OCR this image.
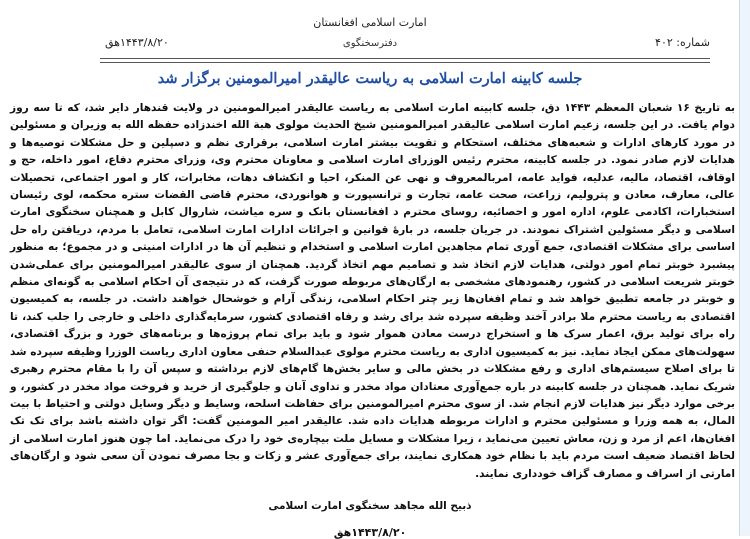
امارت اسلامی افغانستان
دفترسخنگوی	شماره: ۴۰۲
۱۴۴۳/۸/۲۰هق
جلسه کابینه امارت اسلامی به ریاست عالیقدر امیرالمومنین برگزار شد
به تاریخ ۱۶ شعبان المعظم ۱۴۴۳ دق، جلسه کابینه امارت اسلامی به ریاست عالیقدر امیرالمومنین در ولایت قندهار دایر شد، که تا سه روز دوام یافت. در این جلسه، زعیم امارت اسلامی عالیقدر امیرالمومنین شیخ الحدیث مولوی هبة الله اخندزاده حفظه الله به وزیران و مسئولین در مورد کارهای ادارات و شعبه‌های مختلف، استحکام و تقویت بیشتر امارت اسلامی، برقراری نظم و دسپلین و حل مشکلات توصیه‌ها و هدایات لازم صادر نمود. در جلسه کابینه، محترم رئیس الوزرای امارت اسلامی و معاونان محترم وی، وزرای محترم دفاع، امور داخله، حج و اوقاف، اقتصاد، مالیه، عدلیه، فواید عامه، امربالمعروف و نهی عن المنکر، احیا و انکشاف دهات، مخابرات، کار و امور اجتماعی، تحصیلات عالی، معارف، معادن و پترولیم، زراعت، صحت عامه، تجارت و ترانسپورت و هوانوردی، محترم قاضی القضات ستره محکمه، لوی رئیسان استخبارات، اکادمی علوم، اداره امور و احصائیه، روسای محترم د افغانستان بانک و سره میاشت، شاروال کابل و همچنان سخنگوی امارت اسلامی و دیگر مسئولین اشتراک نمودند. در جریان جلسه، در بارهٔ قوانین و اجرائات ادارات امارت اسلامی، تعامل با مردم، دریافتن راه حل اساسی برای مشکلات اقتصادی، جمع آوری تمام مجاهدین امارت اسلامی و استخدام و تنظیم آن ها در ادارات امنیتی و در مجموع؛ به منظور پیشبرد خوبتر تمام امور دولتی، هدایات لازم اتخاذ شد و تصامیم مهم اتخاذ گردید. همچنان از سوی عالیقدر امیرالمومنین برای عملی‌شدن خوبتر شریعت اسلامی در کشور، رهنمودهای مشخصی به ارگان‌های مربوطه صورت گرفت، که در نتیجه‌ی آن احکام اسلامی به گونه‌ای منظم و خوبتر در جامعه تطبیق خواهد شد و تمام افغان‌ها زیر چتر احکام اسلامی، زندگی آرام و خوشحال خواهند داشت. در جلسه، به کمیسیون اقتصادی به ریاست محترم ملا برادر آخند وظیفه سپرده شد برای رشد و رفاه اقتصادی کشور، سرمایه‌گذاری داخلی و خارجی را جلب کند، تا راه برای تولید برق، اعمار سرک ها و استخراج درست معادن هموار شود و باید برای تمام پروژه‌ها و برنامه‌های خورد و بزرگ اقتصادی، سهولت‌های ممکن ایجاد نماید. نیز به کمیسیون اداری به ریاست محترم مولوی عبدالسلام حنفی معاون اداری ریاست الوزرا وظیفه سپرده شد تا برای اصلاح سیستم‌های اداری و رفع مشکلات در بخش مالی و سایر بخش‌ها گام‌های لازم برداشته و سپس آن را با مقام محترم رهبری شریک نماید. همچنان در جلسه کابینه در باره جمع‌آوری معتادان مواد مخدر و تداوی آنان و جلوگیری از خرید و فروخت مواد مخدر در کشور، و برخی موارد دیگر نیز هدایات لازم انجام شد. از سوی محترم امیرالمومنین برای حفاظت اسلحه، وسایط و دیگر وسایل دولتی و احتیاط با بیت المال، به همه وزرا و مسئولین محترم و ادارات مربوطه هدایات داده شد. عالیقدر امیر المومنین گفت: اگر توان داشته باشد برای تک تک افغان‌ها، اعم از مرد و زن، معاش تعیین می‌نماید ، زیرا مشکلات و مسایل ملت بیچاره‌ی خود را درک می‌نماید. اما چون هنوز امارت اسلامی از لحاظ اقتصاد ضعیف است مردم باید با نظام خود همکاری نمایند، برای جمع‌آوری عشر و زکات و بجا مصرف نمودن آن سعی شود و ارگان‌های امارتی از اسراف و مصارف گزاف خودداری نمایند.
ذبیح الله مجاهد سخنگوی امارت اسلامی
۱۴۴۳/۸/۲۰هق
